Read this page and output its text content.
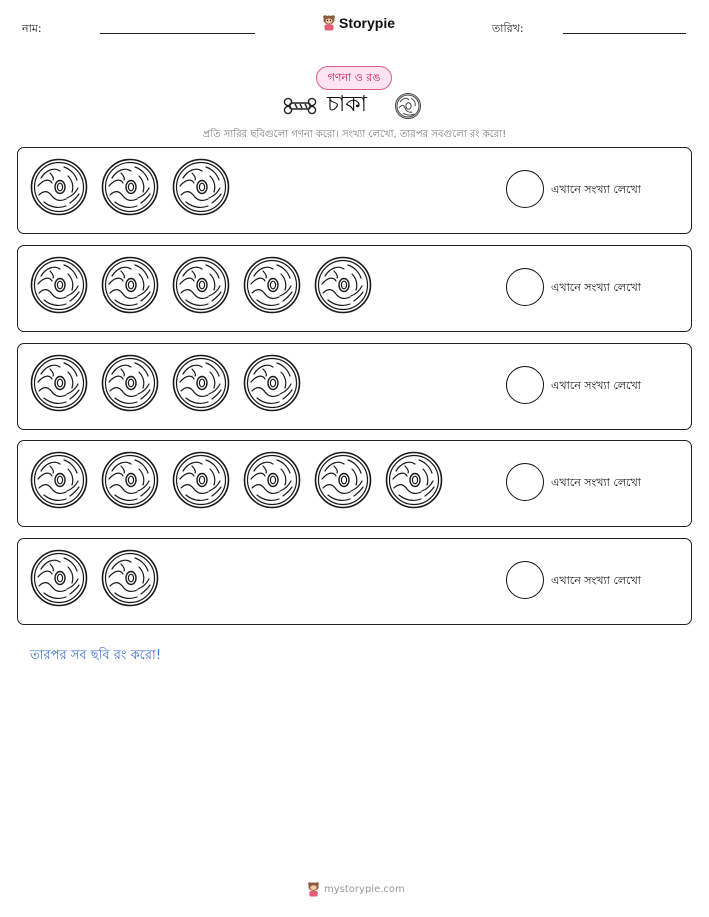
নাম:	Storypie	তারিখ:
গণনা ও রঙ
চাকা
প্রতি সারির ছবিগুলো গণনা করো। সংখ্যা লেখো, তারপর সবগুলো রং করো!
এখানে সংখ্যা লেখো
এখানে সংখ্যা লেখো
এখানে সংখ্যা লেখো
এখানে সংখ্যা লেখো
এখানে সংখ্যা লেখো
তারপর সব ছবি রং করো!
mystorypie.com
